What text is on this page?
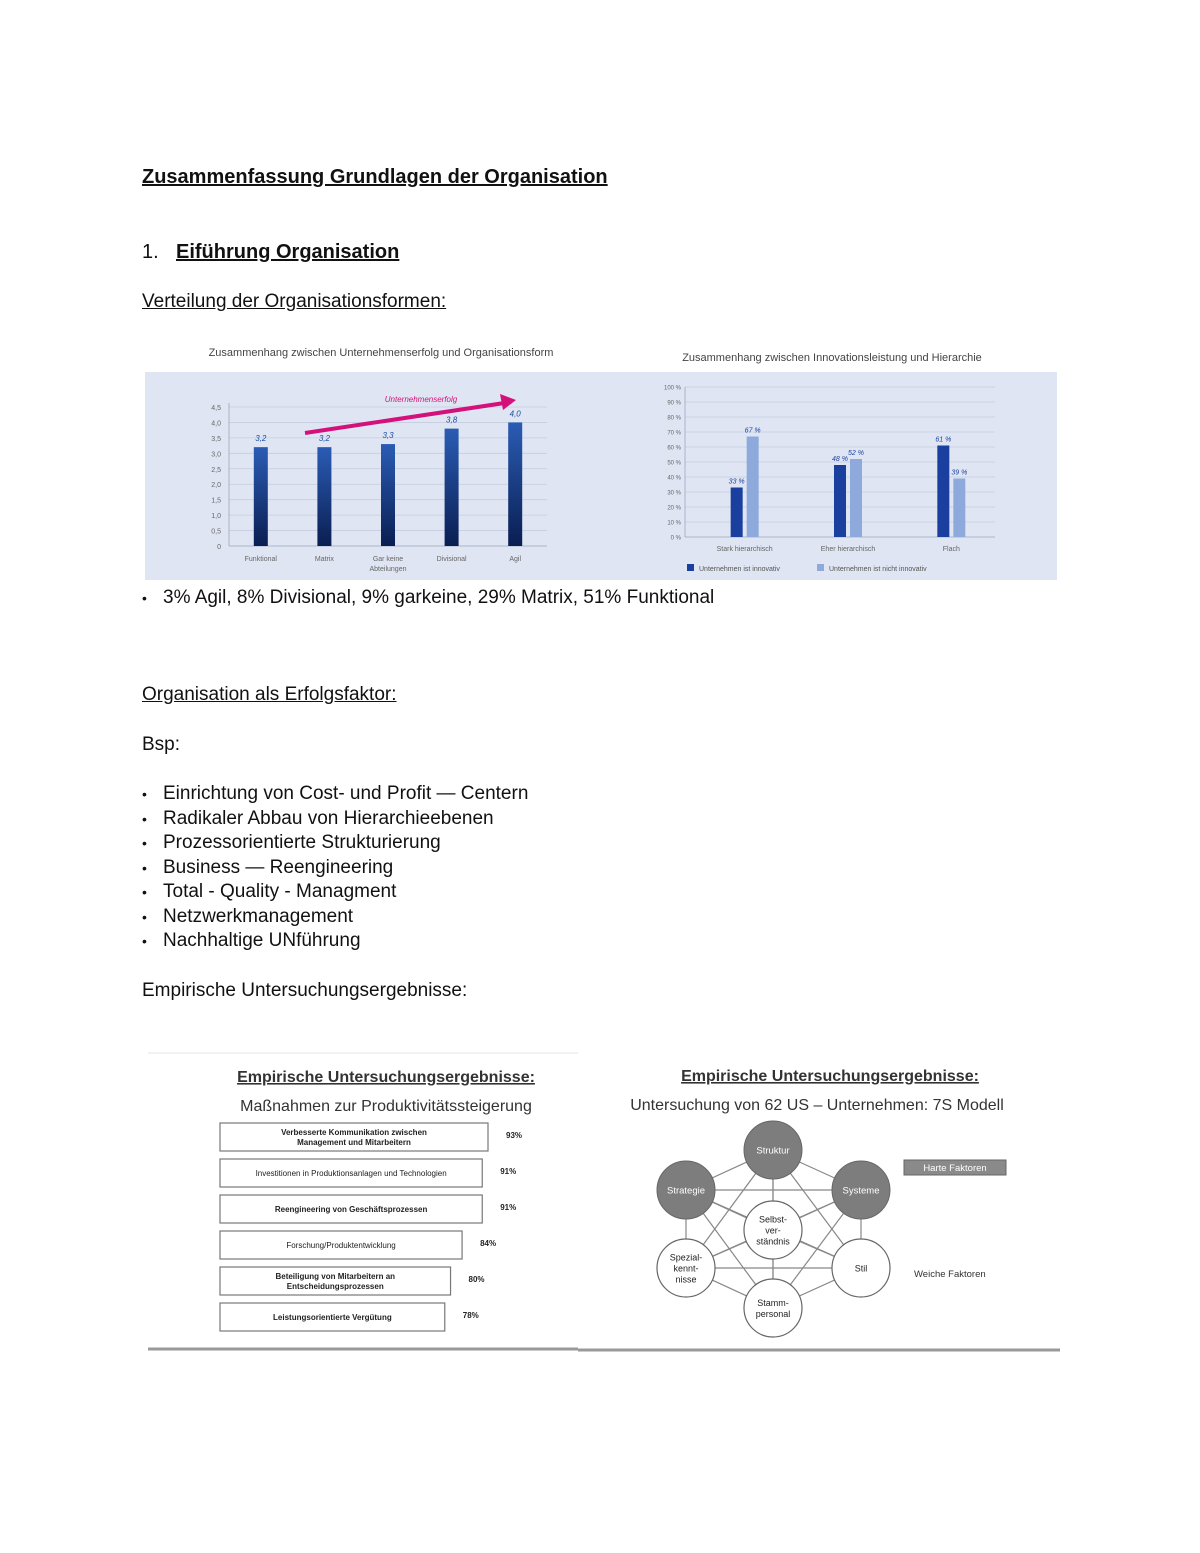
Zusammenfassung Grundlagen der Organisation
1. Eiführung Organisation

Verteilung der Organisationsformen:

Zusammenhang zwischen Unternehmenserfolg und Organisationsform
0
0,5
1,0
1,5
2,0
2,5
3,0
3,5
4,0
4,5
3,2	3,2	3,3
3,8
4,0
Funktional	Matrix	Gar keine
Abteilungen
Divisional	Agil
Unternehmenserfolg
Zusammenhang zwischen Innovationsleistung und Hierarchie
0 %
10 %
20 %
30 %
40 %
50 %
60 %
70 %
80 %
90 %
100 %
33 %
67 %
48 %
52 %
61 %
39 %
Stark hierarchisch	Eher hierarchisch	Flach
Unternehmen ist innovativ	Unternehmen ist nicht innovativ
• 3% Agil, 8% Divisional, 9% garkeine, 29% Matrix, 51% Funktional

Organisation als Erfolgsfaktor:

Bsp:

• Einrichtung von Cost- und Profit — Centern
• Radikaler Abbau von Hierarchieebenen
• Prozessorientierte Strukturierung
• Business — Reengineering
• Total - Quality - Managment
• Netzwerkmanagement
• Nachhaltige UNführung

Empirische Untersuchungsergebnisse:

Empirische Untersuchungsergebnisse:
Maßnahmen zur Produktivitätssteigerung
Verbesserte Kommunikation zwischen
Management und Mitarbeitern
93%
Investitionen in Produktionsanlagen und Technologien	91%
Reengineering von Geschäftsprozessen	91%
Forschung/Produktentwicklung	84%
Beteiligung von Mitarbeitern an
Entscheidungsprozessen
80%
Leistungsorientierte Vergütung	78%
Empirische Untersuchungsergebnisse:
Untersuchung von 62 US – Unternehmen: 7S Modell
Struktur
Strategie	Systeme
Selbst-
ver-
ständnis
Spezial-
kennt-
nisse
Stil
Stamm-
personal
Harte Faktoren
Weiche Faktoren
